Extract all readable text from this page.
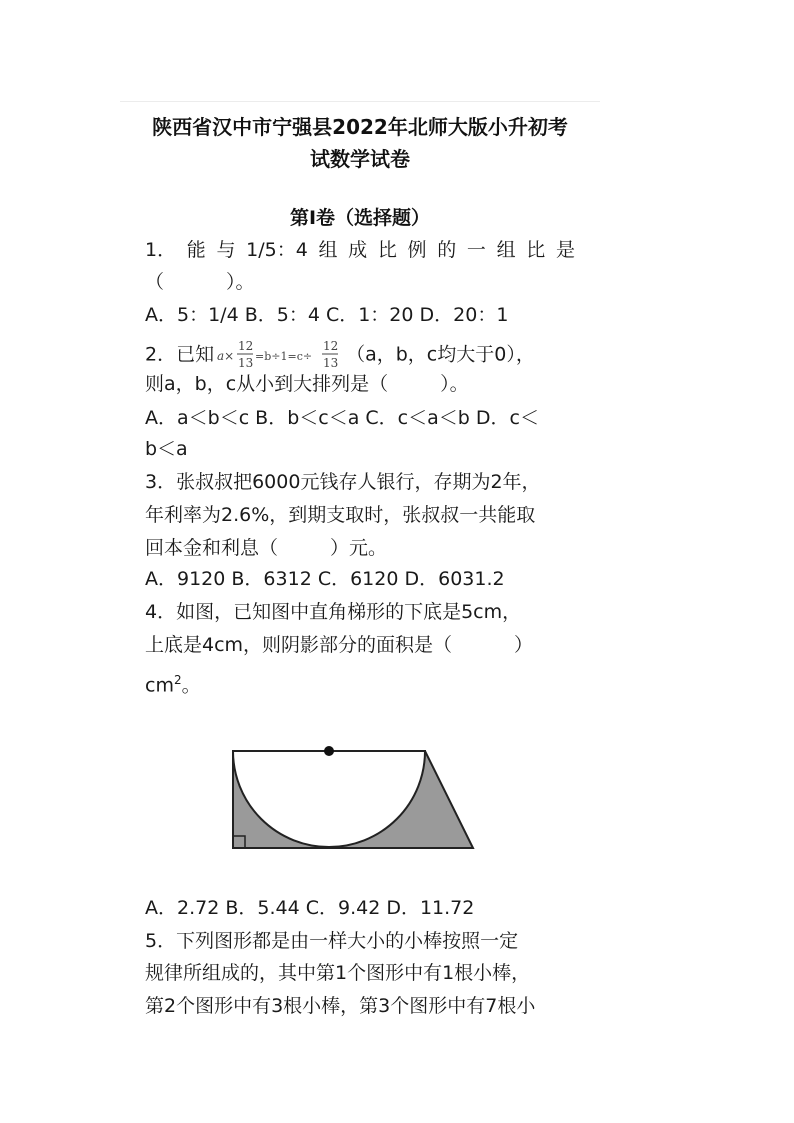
陕西省汉中市宁强县2022年北师大版小升初考
试数学试卷
第Ⅰ卷（选择题）
1． 能 与 1/5：4 组 成 比 例 的 一 组 比 是
（	）。
A．5：1/4 B．5：4 C．1：20 D．20：1
2．已知 a×
12
13 =b÷1=c÷
12
13 （a，b，c均大于0），
则a，b，c从小到大排列是（	）。
A．a＜b＜c B．b＜c＜a C．c＜a＜b D．c＜
b＜a
3．张叔叔把6000元钱存人银行，存期为2年，
年利率为2.6%，到期支取时，张叔叔一共能取
回本金和利息（	）元。
A．9120 B．6312 C．6120 D．6031.2
4．如图，已知图中直角梯形的下底是5cm，
上底是4cm，则阴影部分的面积是（	）
$cm^2$。
A．2.72 B．5.44 C．9.42 D．11.72
5．下列图形都是由一样大小的小棒按照一定
规律所组成的，其中第1个图形中有1根小棒，
第2个图形中有3根小棒，第3个图形中有7根小
